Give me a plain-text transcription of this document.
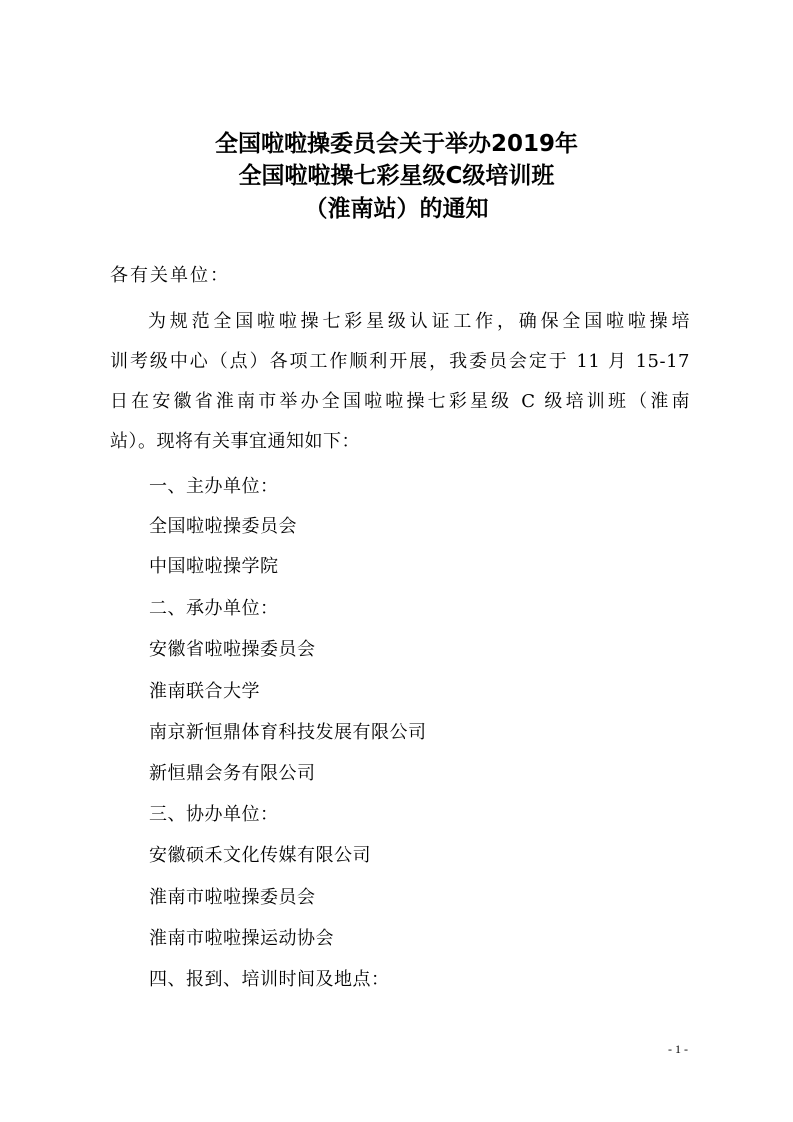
全国啦啦操委员会关于举办2019年
全国啦啦操七彩星级C级培训班
（淮南站）的通知
各有关单位：
为规范全国啦啦操七彩星级认证工作，确保全国啦啦操培
训考级中心（点）各项工作顺利开展，我委员会定于 11 月 15-17
日在安徽省淮南市举办全国啦啦操七彩星级 C 级培训班（淮南
站）。现将有关事宜通知如下：
一、主办单位：
全国啦啦操委员会
中国啦啦操学院
二、承办单位：
安徽省啦啦操委员会
淮南联合大学
南京新恒鼎体育科技发展有限公司
新恒鼎会务有限公司
三、协办单位：
安徽硕禾文化传媒有限公司
淮南市啦啦操委员会
淮南市啦啦操运动协会
四、报到、培训时间及地点：
- 1 -
